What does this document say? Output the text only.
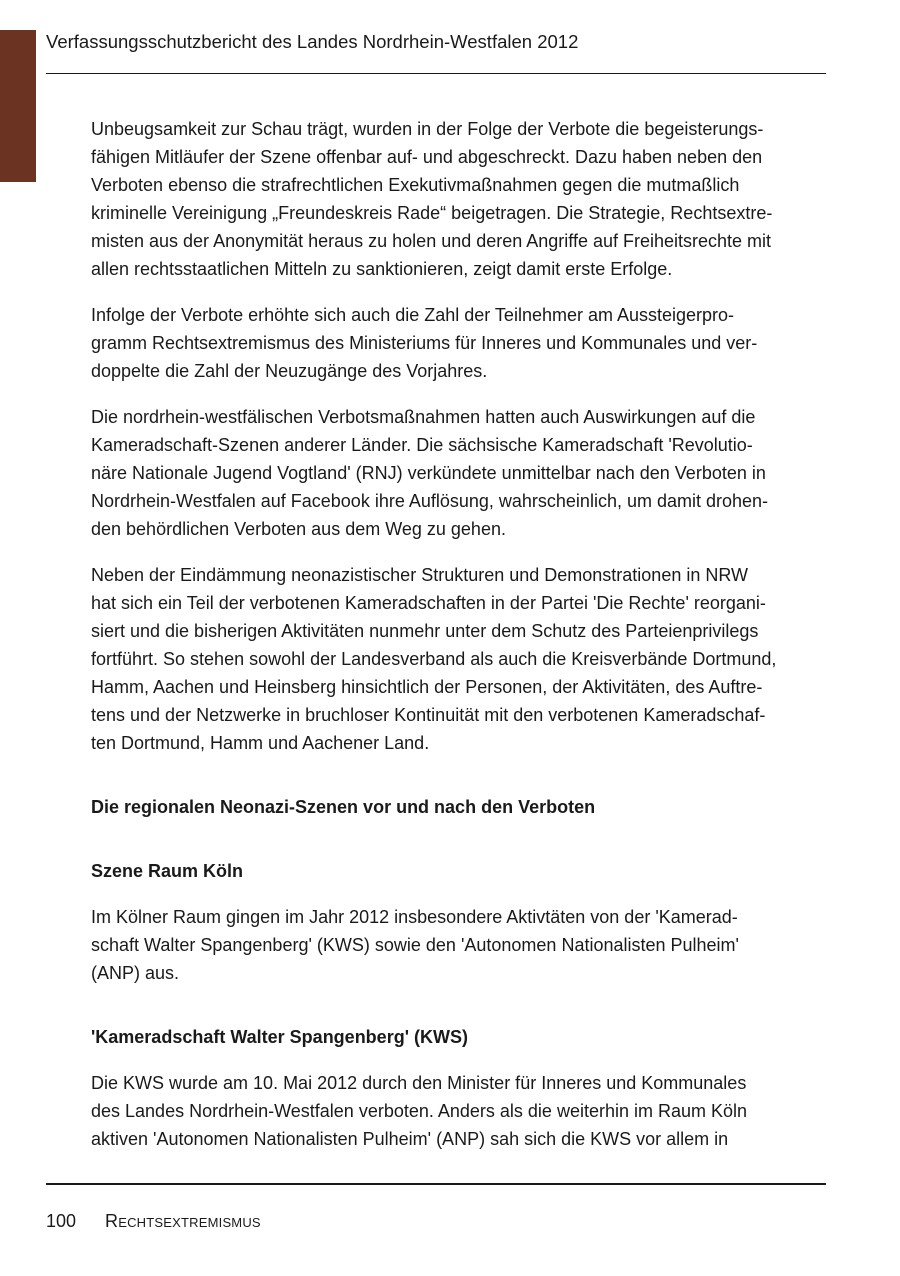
Verfassungsschutzbericht des Landes Nordrhein-Westfalen 2012

Unbeugsamkeit zur Schau trägt, wurden in der Folge der Verbote die begeisterungs-
fähigen Mitläufer der Szene offenbar auf- und abgeschreckt. Dazu haben neben den
Verboten ebenso die strafrechtlichen Exekutivmaßnahmen gegen die mutmaßlich
kriminelle Vereinigung „Freundeskreis Rade“ beigetragen. Die Strategie, Rechtsextre-
misten aus der Anonymität heraus zu holen und deren Angriffe auf Freiheitsrechte mit
allen rechtsstaatlichen Mitteln zu sanktionieren, zeigt damit erste Erfolge.

Infolge der Verbote erhöhte sich auch die Zahl der Teilnehmer am Aussteigerpro-
gramm Rechtsextremismus des Ministeriums für Inneres und Kommunales und ver-
doppelte die Zahl der Neuzugänge des Vorjahres.

Die nordrhein-westfälischen Verbotsmaßnahmen hatten auch Auswirkungen auf die
Kameradschaft-Szenen anderer Länder. Die sächsische Kameradschaft 'Revolutio-
näre Nationale Jugend Vogtland' (RNJ) verkündete unmittelbar nach den Verboten in
Nordrhein-Westfalen auf Facebook ihre Auflösung, wahrscheinlich, um damit drohen-
den behördlichen Verboten aus dem Weg zu gehen.

Neben der Eindämmung neonazistischer Strukturen und Demonstrationen in NRW
hat sich ein Teil der verbotenen Kameradschaften in der Partei 'Die Rechte' reorgani-
siert und die bisherigen Aktivitäten nunmehr unter dem Schutz des Parteienprivilegs
fortführt. So stehen sowohl der Landesverband als auch die Kreisverbände Dortmund,
Hamm, Aachen und Heinsberg hinsichtlich der Personen, der Aktivitäten, des Auftre-
tens und der Netzwerke in bruchloser Kontinuität mit den verbotenen Kameradschaf-
ten Dortmund, Hamm und Aachener Land.

Die regionalen Neonazi-Szenen vor und nach den Verboten
Szene Raum Köln

Im Kölner Raum gingen im Jahr 2012 insbesondere Aktivtäten von der 'Kamerad-
schaft Walter Spangenberg' (KWS) sowie den 'Autonomen Nationalisten Pulheim'
(ANP) aus.

'Kameradschaft Walter Spangenberg' (KWS)

Die KWS wurde am 10. Mai 2012 durch den Minister für Inneres und Kommunales
des Landes Nordrhein-Westfalen verboten. Anders als die weiterhin im Raum Köln
aktiven 'Autonomen Nationalisten Pulheim' (ANP) sah sich die KWS vor allem in

100 Rechtsextremismus
